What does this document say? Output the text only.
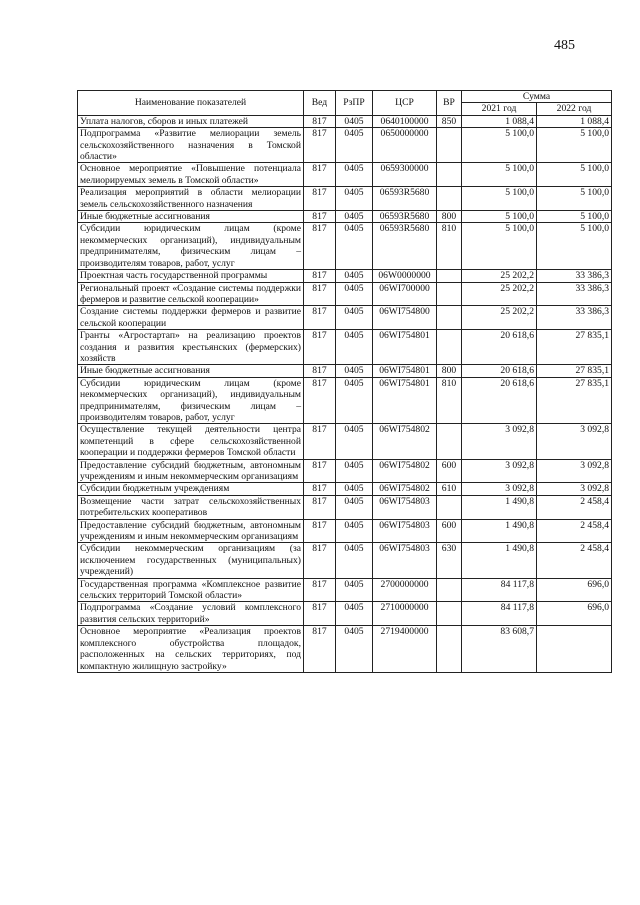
485
Наименование показателей	Вед	РзПР	ЦСР	ВР	Сумма	
					2021 год	2022 год
Уплата налогов, сборов и иных платежей	817	0405	0640100000	850	1 088,4	1 088,4
Подпрограмма «Развитие мелиорации земель сельскохозяйственного назначения в Томской области»	817	0405	0650000000		5 100,0	5 100,0
Основное мероприятие «Повышение потенциала мелиорируемых земель в Томской области»	817	0405	0659300000		5 100,0	5 100,0
Реализация мероприятий в области мелиорации земель сельскохозяйственного назначения	817	0405	06593R5680		5 100,0	5 100,0
Иные бюджетные ассигнования	817	0405	06593R5680	800	5 100,0	5 100,0
Субсидии юридическим лицам (кроме некоммерческих организаций), индивидуальным предпринимателям, физическим лицам – производителям товаров, работ, услуг	817	0405	06593R5680	810	5 100,0	5 100,0
Проектная часть государственной программы	817	0405	06W0000000		25 202,2	33 386,3
Региональный проект «Создание системы поддержки фермеров и развитие сельской кооперации»	817	0405	06WI700000		25 202,2	33 386,3
Создание системы поддержки фермеров и развитие сельской кооперации	817	0405	06WI754800		25 202,2	33 386,3
Гранты «Агростартап» на реализацию проектов создания и развития крестьянских (фермерских) хозяйств	817	0405	06WI754801		20 618,6	27 835,1
Иные бюджетные ассигнования	817	0405	06WI754801	800	20 618,6	27 835,1
Субсидии юридическим лицам (кроме некоммерческих организаций), индивидуальным предпринимателям, физическим лицам – производителям товаров, работ, услуг	817	0405	06WI754801	810	20 618,6	27 835,1
Осуществление текущей деятельности центра компетенций в сфере сельскохозяйственной кооперации и поддержки фермеров Томской области	817	0405	06WI754802		3 092,8	3 092,8
Предоставление субсидий бюджетным, автономным учреждениям и иным некоммерческим организациям	817	0405	06WI754802	600	3 092,8	3 092,8
Субсидии бюджетным учреждениям	817	0405	06WI754802	610	3 092,8	3 092,8
Возмещение части затрат сельскохозяйственных потребительских кооперативов	817	0405	06WI754803		1 490,8	2 458,4
Предоставление субсидий бюджетным, автономным учреждениям и иным некоммерческим организациям	817	0405	06WI754803	600	1 490,8	2 458,4
Субсидии некоммерческим организациям (за исключением государственных (муниципальных) учреждений)	817	0405	06WI754803	630	1 490,8	2 458,4
Государственная программа «Комплексное развитие сельских территорий Томской области»	817	0405	2700000000		84 117,8	696,0
Подпрограмма «Создание условий комплексного развития сельских территорий»	817	0405	2710000000		84 117,8	696,0
Основное мероприятие «Реализация проектов комплексного обустройства площадок, расположенных на сельских территориях, под компактную жилищную застройку»	817	0405	2719400000		83 608,7	
